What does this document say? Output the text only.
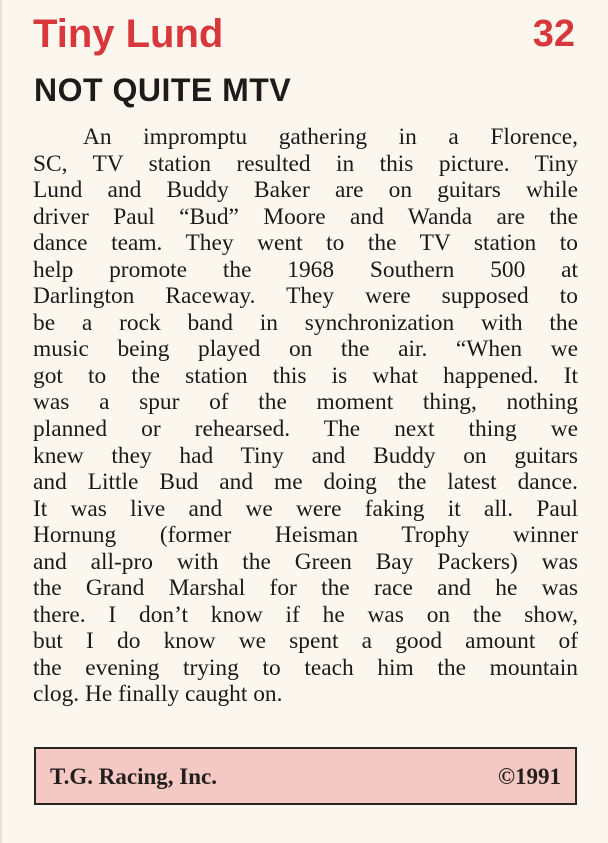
Tiny Lund	32
NOT QUITE MTV
An impromptu gathering in a Florence,
SC, TV station resulted in this picture. Tiny
Lund and Buddy Baker are on guitars while
driver Paul “Bud” Moore and Wanda are the
dance team. They went to the TV station to
help promote the 1968 Southern 500 at
Darlington Raceway. They were supposed to
be a rock band in synchronization with the
music being played on the air. “When we
got to the station this is what happened. It
was a spur of the moment thing, nothing
planned or rehearsed. The next thing we
knew they had Tiny and Buddy on guitars
and Little Bud and me doing the latest dance.
It was live and we were faking it all. Paul
Hornung (former Heisman Trophy winner
and all-pro with the Green Bay Packers) was
the Grand Marshal for the race and he was
there. I don’t know if he was on the show,
but I do know we spent a good amount of
the evening trying to teach him the mountain
clog. He finally caught on.
T.G. Racing, Inc.	©1991
